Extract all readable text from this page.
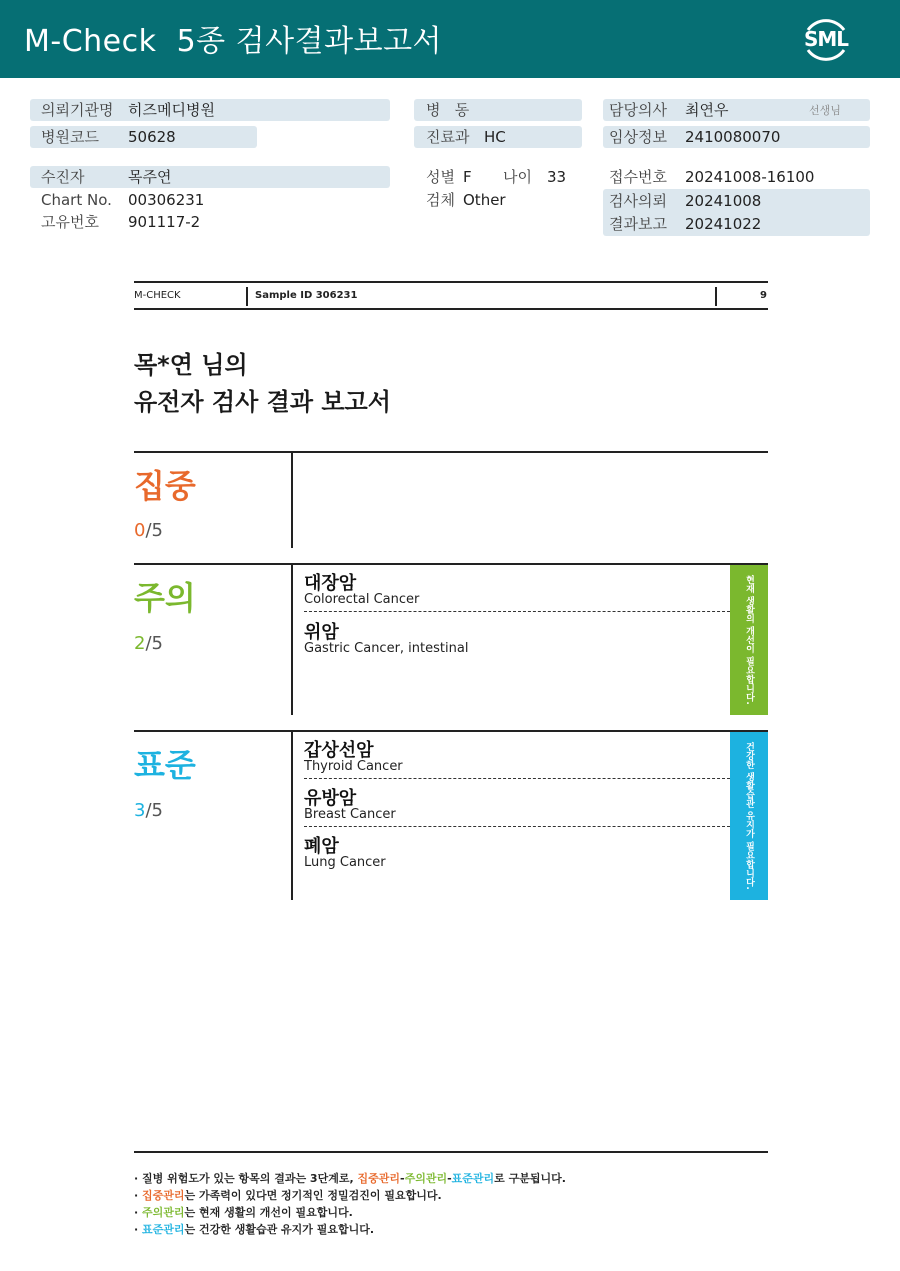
M-Check  5종 검사결과보고서	SML
의뢰기관명 히즈메디병원
병원코드 50628
수진자	목주연
Chart No. 00306231
고유번호 901117-2
병   동
진료과 HC
성별 F 나이 33
검체 Other
담당의사 최연우	선생님
임상정보 2410080070
접수번호 20241008-16100
검사의뢰 20241008
결과보고 20241022
M-CHECK	Sample ID 306231	9
목*연 님의
유전자 검사 결과 보고서
집중
0/5
주의
2/5
대장암
Colorectal Cancer
위암
Gastric Cancer, intestinal	현재 생활의 개선이 필요합니다.
표준
3/5
갑상선암
Thyroid Cancer
유방암
Breast Cancer
폐암
Lung Cancer	건강한 생활습관 유지가 필요합니다.
· 질병 위험도가 있는 항목의 결과는 3단계로, 집중관리-주의관리-표준관리로 구분됩니다.
· 집중관리는 가족력이 있다면 정기적인 정밀검진이 필요합니다.
· 주의관리는 현재 생활의 개선이 필요합니다.
· 표준관리는 건강한 생활습관 유지가 필요합니다.
